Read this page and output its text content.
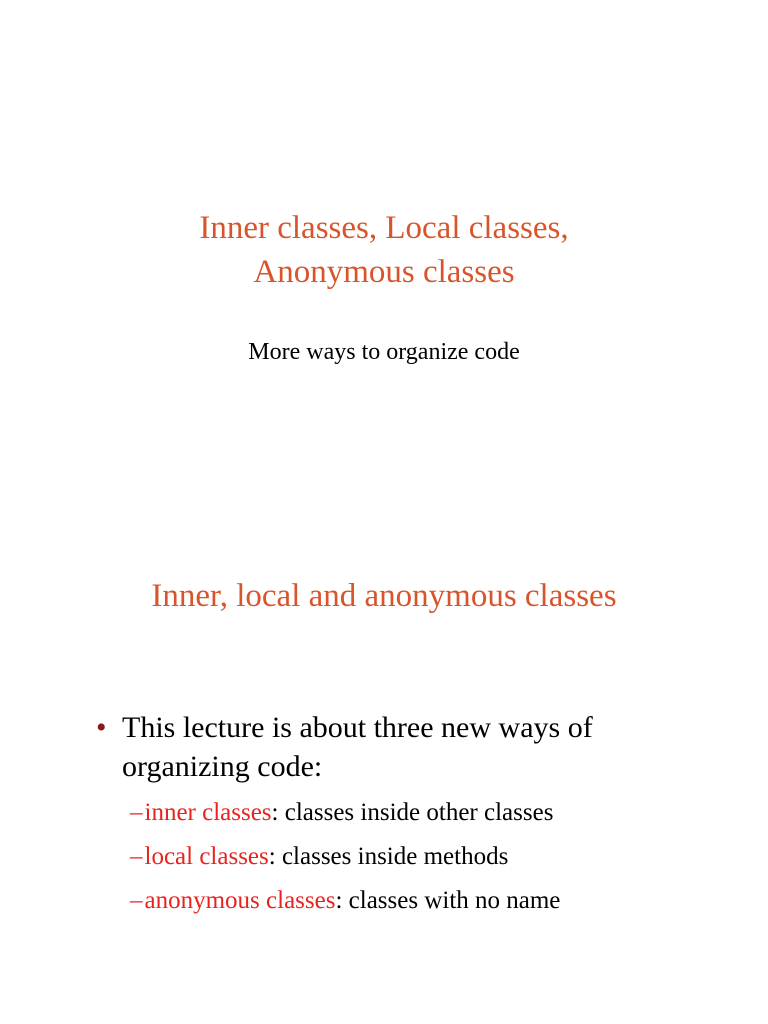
Inner classes, Local classes,
Anonymous classes
More ways to organize code
Inner, local and anonymous classes
• This lecture is about three new ways of organizing code:
–inner classes: classes inside other classes
–local classes: classes inside methods
–anonymous classes: classes with no name
